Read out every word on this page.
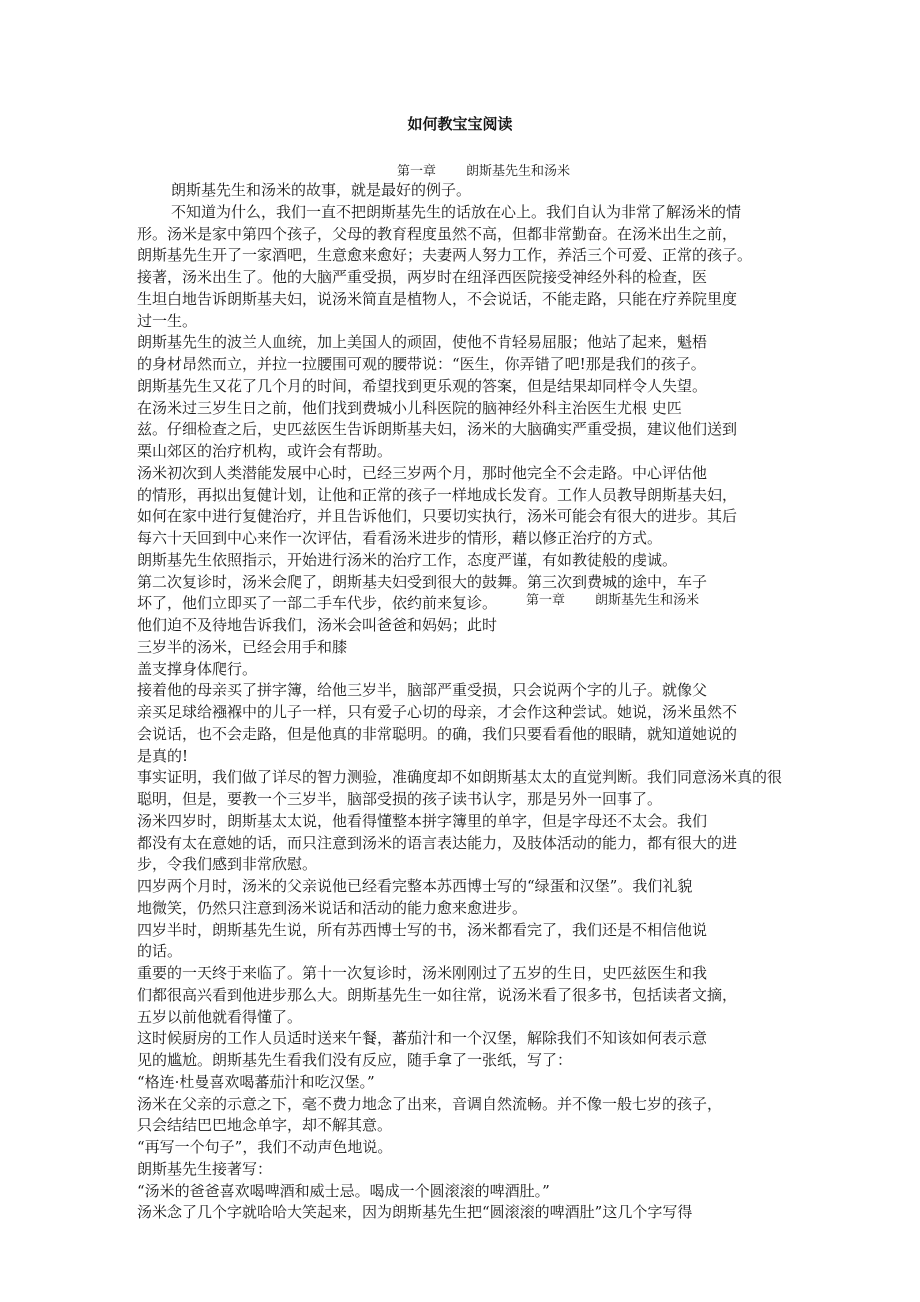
如何教宝宝阅读
第一章 朗斯基先生和汤米
第一章 朗斯基先生和汤米
朗斯基先生和汤米的故事，就是最好的例子。
不知道为什么，我们一直不把朗斯基先生的话放在心上。我们自认为非常了解汤米的情
形。汤米是家中第四个孩子，父母的教育程度虽然不高，但都非常勤奋。在汤米出生之前，
朗斯基先生开了一家酒吧，生意愈来愈好；夫妻两人努力工作，养活三个可爱、正常的孩子。
接著，汤米出生了。他的大脑严重受损，两岁时在纽泽西医院接受神经外科的检查，医
生坦白地告诉朗斯基夫妇，说汤米简直是植物人，不会说话，不能走路，只能在疗养院里度
过一生。
朗斯基先生的波兰人血统，加上美国人的顽固，使他不肯轻易屈服；他站了起来，魁梧
的身材昂然而立，并拉一拉腰围可观的腰带说：“医生，你弄错了吧!那是我们的孩子。
朗斯基先生又花了几个月的时间，希望找到更乐观的答案，但是结果却同样令人失望。
在汤米过三岁生日之前，他们找到费城小儿科医院的脑神经外科主治医生尤根 史匹
兹。仔细检查之后，史匹兹医生告诉朗斯基夫妇，汤米的大脑确实严重受损，建议他们送到
栗山郊区的治疗机构，或许会有帮助。
汤米初次到人类潜能发展中心时，已经三岁两个月，那时他完全不会走路。中心评估他
的情形，再拟出复健计划，让他和正常的孩子一样地成长发育。工作人员教导朗斯基夫妇，
如何在家中进行复健治疗，并且告诉他们，只要切实执行，汤米可能会有很大的进步。其后
每六十天回到中心来作一次评估，看看汤米进步的情形，藉以修正治疗的方式。
朗斯基先生依照指示，开始进行汤米的治疗工作，态度严谨，有如教徒般的虔诚。
第二次复诊时，汤米会爬了，朗斯基夫妇受到很大的鼓舞。第三次到费城的途中，车子
坏了，他们立即买了一部二手车代步，依约前来复诊。
他们迫不及待地告诉我们，汤米会叫爸爸和妈妈；此时
三岁半的汤米，已经会用手和膝
盖支撑身体爬行。
接着他的母亲买了拼字簿，给他三岁半，脑部严重受损，只会说两个字的儿子。就像父
亲买足球给襁褓中的儿子一样，只有爱子心切的母亲，才会作这种尝试。她说，汤米虽然不
会说话，也不会走路，但是他真的非常聪明。的确，我们只要看看他的眼睛，就知道她说的
是真的!
事实证明，我们做了详尽的智力测验，准确度却不如朗斯基太太的直觉判断。我们同意汤米真的很
聪明，但是，要教一个三岁半，脑部受损的孩子读书认字，那是另外一回事了。
汤米四岁时，朗斯基太太说，他看得懂整本拼字簿里的单字，但是字母还不太会。我们
都没有太在意她的话，而只注意到汤米的语言表达能力，及肢体活动的能力，都有很大的进
步，令我们感到非常欣慰。
四岁两个月时，汤米的父亲说他已经看完整本苏西博士写的“绿蛋和汉堡”。我们礼貌
地微笑，仍然只注意到汤米说话和活动的能力愈来愈进步。
四岁半时，朗斯基先生说，所有苏西博士写的书，汤米都看完了，我们还是不相信他说
的话。
重要的一天终于来临了。第十一次复诊时，汤米刚刚过了五岁的生日，史匹兹医生和我
们都很高兴看到他进步那么大。朗斯基先生一如往常，说汤米看了很多书，包括读者文摘，
五岁以前他就看得懂了。
这时候厨房的工作人员适时送来午餐，蕃茄汁和一个汉堡，解除我们不知该如何表示意
见的尴尬。朗斯基先生看我们没有反应，随手拿了一张纸，写了：
“格连·杜曼喜欢喝蕃茄汁和吃汉堡。”
汤米在父亲的示意之下，毫不费力地念了出来，音调自然流畅。并不像一般七岁的孩子，
只会结结巴巴地念单字，却不解其意。
“再写一个句子”，我们不动声色地说。
朗斯基先生接著写：
“汤米的爸爸喜欢喝啤酒和威士忌。喝成一个圆滚滚的啤酒肚。”
汤米念了几个字就哈哈大笑起来，因为朗斯基先生把“圆滚滚的啤酒肚”这几个字写得
